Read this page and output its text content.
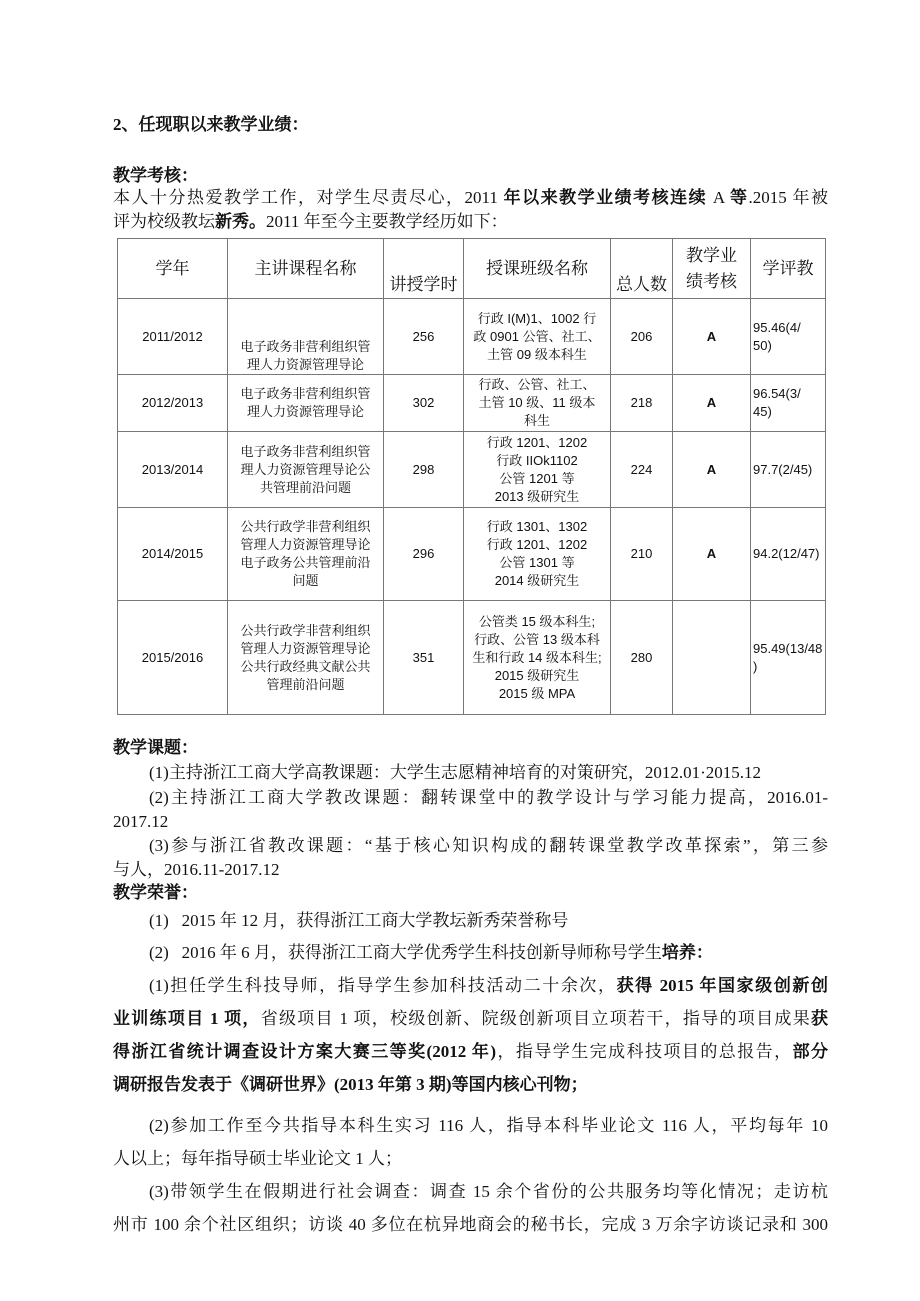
2、任现职以来教学业绩：
教学考核：
本人十分热爱教学工作，对学生尽责尽心，2011 年以来教学业绩考核连续 A 等.2015 年被
评为校级教坛新秀。2011 年至今主要教学经历如下：
学年	主讲课程名称	讲授学时	授课班级名称	总人数	教学业
绩考核	学评教

2011/2012	电子政务非营利组织管
理人力资源管理导论	256	行政 I(M)1、1002 行
政 0901 公管、社工、
土管 09 级本科生	206	A	95.46(4/
50)

2012/2013	电子政务非营利组织管
理人力资源管理导论	302	行政、公管、社工、
土管 10 级、11 级本
科生	218	A	96.54(3/
45)

2013/2014	电子政务非营利组织管
理人力资源管理导论公
共管理前沿问题	298	行政 1201、1202
行政 IIOk1102
公管 1201 等
2013 级研究生	224	A	97.7(2/45)

2014/2015	公共行政学非营利组织
管理人力资源管理导论
电子政务公共管理前沿
问题	296	行政 1301、1302
行政 1201、1202
公管 1301 等
2014 级研究生	210	A	94.2(12/47)

2015/2016	公共行政学非营利组织
管理人力资源管理导论
公共行政经典文献公共
管理前沿问题	351	公管类 15 级本科生;
行政、公管 13 级本科
生和行政 14 级本科生;
2015 级研究生
2015 级 MPA	280		95.49(13/48
)
教学课题：
(1)主持浙江工商大学高教课题：大学生志愿精神培育的对策研究，2012.01·2015.12
(2)主持浙江工商大学教改课题：翻转课堂中的教学设计与学习能力提高，2016.01-
2017.12
(3)参与浙江省教改课题：“基于核心知识构成的翻转课堂教学改革探索”，第三参
与人，2016.11-2017.12
教学荣誉：
(1)   2015 年 12 月，获得浙江工商大学教坛新秀荣誉称号
(2)   2016 年 6 月，获得浙江工商大学优秀学生科技创新导师称号学生培养：
(1)担任学生科技导师，指导学生参加科技活动二十余次，获得 2015 年国家级创新创
业训练项目 1 项，省级项目 1 项，校级创新、院级创新项目立项若干，指导的项目成果获
得浙江省统计调查设计方案大赛三等奖(2012 年)，指导学生完成科技项目的总报告，部分
调研报告发表于《调研世界》(2013 年第 3 期)等国内核心刊物；
(2)参加工作至今共指导本科生实习 116 人，指导本科毕业论文 116 人，平均每年 10
人以上；每年指导硕士毕业论文 1 人；
(3)带领学生在假期进行社会调查：调查 15 余个省份的公共服务均等化情况；走访杭
州市 100 余个社区组织；访谈 40 多位在杭异地商会的秘书长，完成 3 万余字访谈记录和 300
